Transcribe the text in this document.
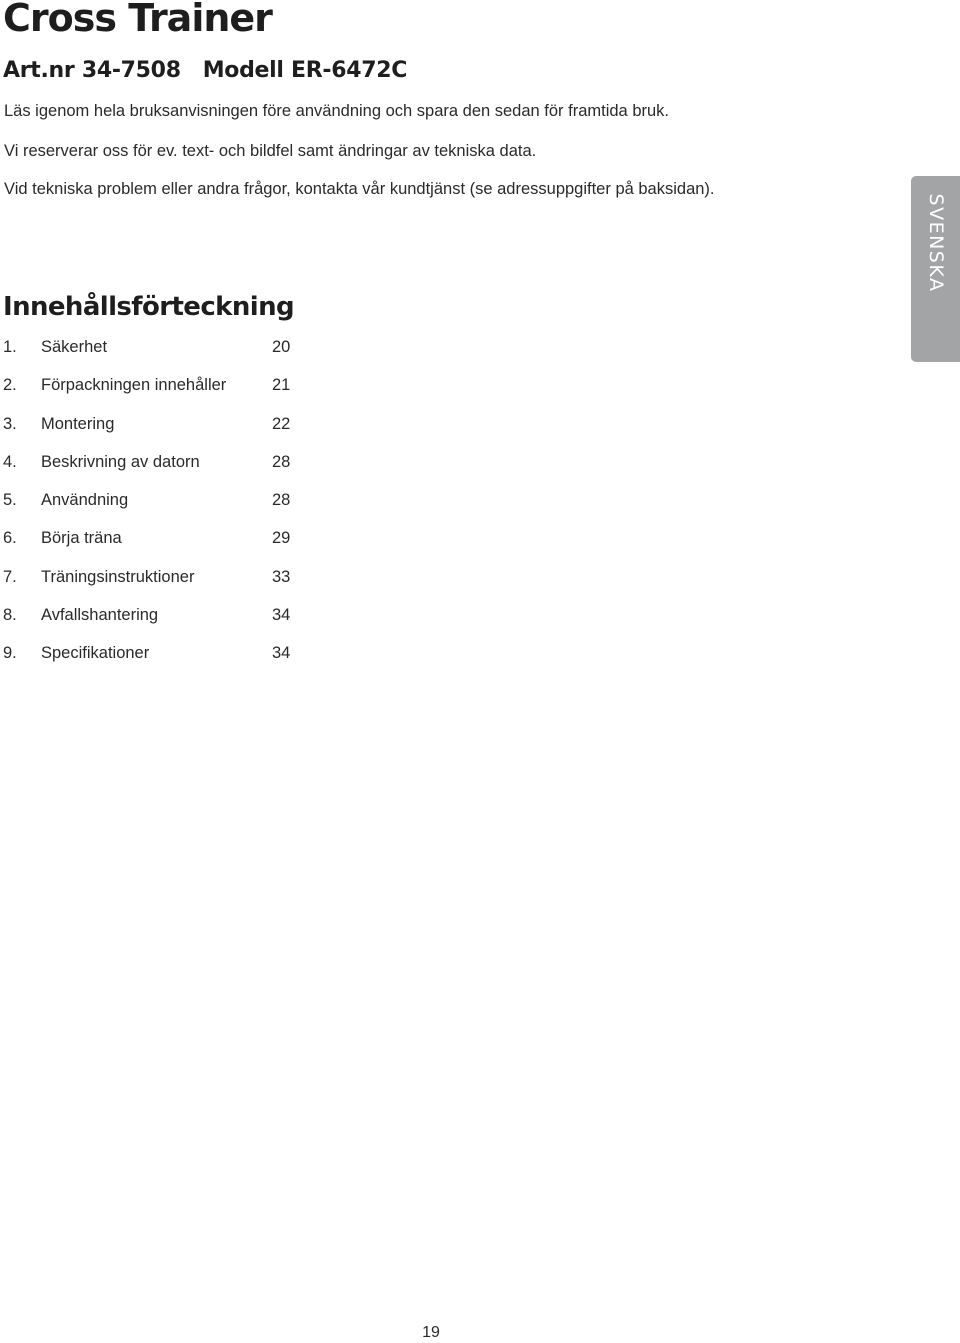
Cross Trainer
Art.nr 34-7508 Modell ER-6472C

Läs igenom hela bruksanvisningen före användning och spara den sedan för framtida bruk.

Vi reserverar oss för ev. text- och bildfel samt ändringar av tekniska data.

Vid tekniska problem eller andra frågor, kontakta vår kundtjänst (se adressuppgifter på baksidan).

SVENSKA
Innehållsförteckning
1. Säkerhet	20
2. Förpackningen innehåller	21
3. Montering	22
4. Beskrivning av datorn	28
5. Användning	28
6. Börja träna	29
7. Träningsinstruktioner	33
8. Avfallshantering	34
9. Specifikationer	34
19
